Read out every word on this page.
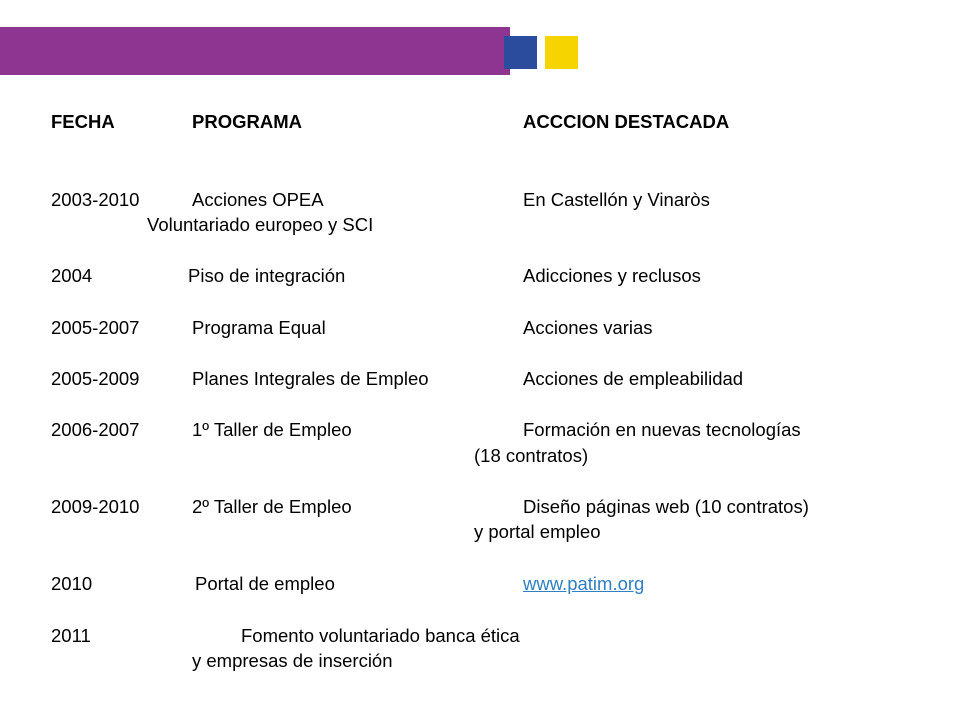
FECHA	PROGRAMA	ACCCION DESTACADA
2003-2010	Acciones OPEA	En Castellón y Vinaròs
Voluntariado europeo y SCI
2004	Piso de integración	Adicciones y reclusos
2005-2007	Programa Equal	Acciones varias
2005-2009	Planes Integrales de Empleo	Acciones de empleabilidad
2006-2007	1º Taller de Empleo	Formación en nuevas tecnologías
(18 contratos)
2009-2010	2º Taller de Empleo	Diseño páginas web (10 contratos)
y portal empleo
2010	Portal de empleo	www.patim.org
2011	Fomento voluntariado banca ética
y empresas de inserción
